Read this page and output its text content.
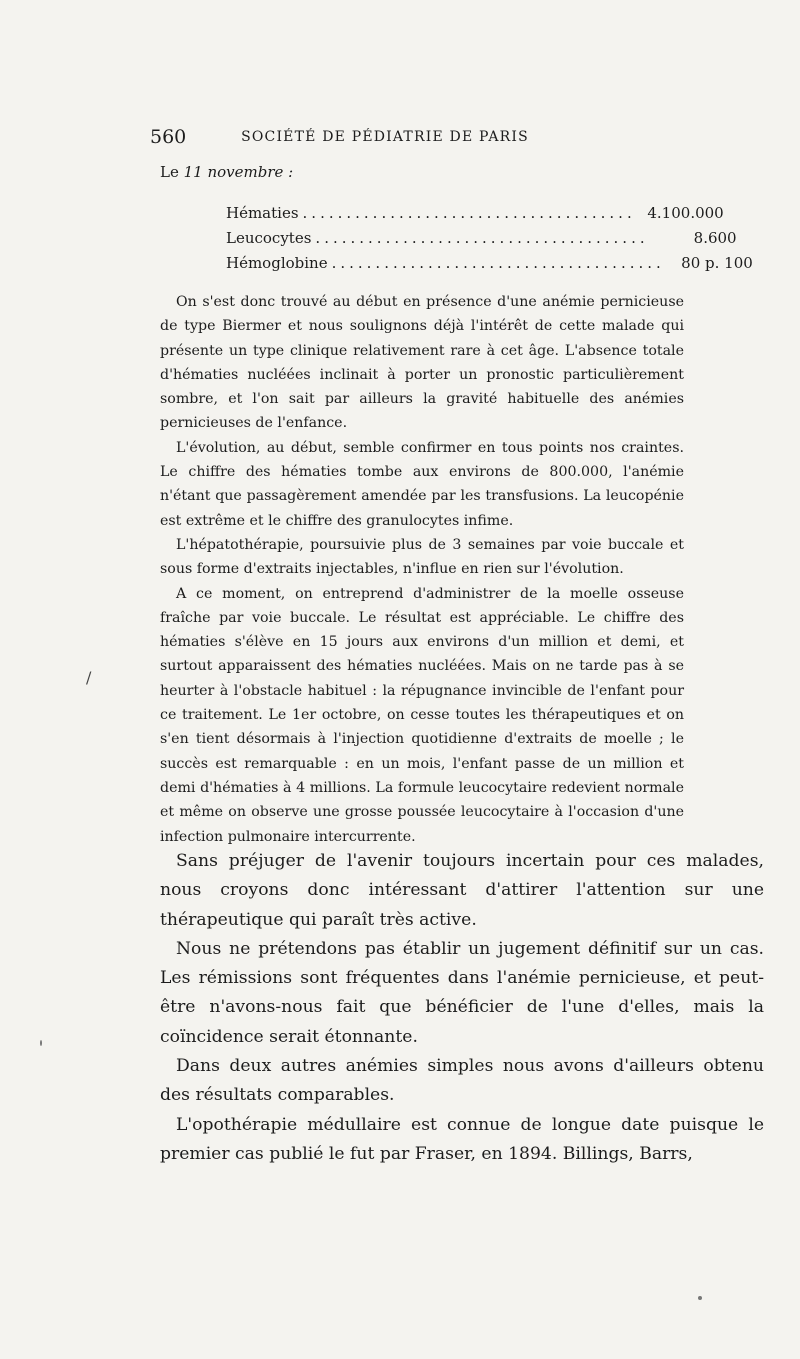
560	SOCIÉTÉ DE PÉDIATRIE DE PARIS
Le 11 novembre :
Hématies ...................................... 4.100.000
Leucocytes ......................................	8.600
Hémoglobine ......................................	80 p. 100

On s'est donc trouvé au début en présence d'une anémie pernicieuse de type Biermer et nous soulignons déjà l'intérêt de cette malade qui présente un type clinique relativement rare à cet âge. L'absence totale d'hématies nucléées inclinait à porter un pronostic particulièrement sombre, et l'on sait par ailleurs la gravité habituelle des anémies pernicieuses de l'enfance.

L'évolution, au début, semble confirmer en tous points nos craintes. Le chiffre des hématies tombe aux environs de 800.000, l'anémie n'étant que passagèrement amendée par les transfusions. La leucopénie est extrême et le chiffre des granulocytes infime.

L'hépatothérapie, poursuivie plus de 3 semaines par voie buccale et sous forme d'extraits injectables, n'influe en rien sur l'évolution.

A ce moment, on entreprend d'administrer de la moelle osseuse fraîche par voie buccale. Le résultat est appréciable. Le chiffre des hématies s'élève en 15 jours aux environs d'un million et demi, et surtout apparaissent des hématies nucléées. Mais on ne tarde pas à se heurter à l'obstacle habituel : la répugnance invincible de l'enfant pour ce traitement. Le 1er octobre, on cesse toutes les thérapeutiques et on s'en tient désormais à l'injection quotidienne d'extraits de moelle ; le succès est remarquable : en un mois, l'enfant passe de un million et demi d'hématies à 4 millions. La formule leucocytaire redevient normale et même on observe une grosse poussée leucocytaire à l'occasion d'une infection pulmonaire intercurrente.

Sans préjuger de l'avenir toujours incertain pour ces malades, nous croyons donc intéressant d'attirer l'attention sur une thérapeutique qui paraît très active.

Nous ne prétendons pas établir un jugement définitif sur un cas. Les rémissions sont fréquentes dans l'anémie pernicieuse, et peut-être n'avons-nous fait que bénéficier de l'une d'elles, mais la coïncidence serait étonnante.

Dans deux autres anémies simples nous avons d'ailleurs obtenu des résultats comparables.

L'opothérapie médullaire est connue de longue date puisque le premier cas publié le fut par Fraser, en 1894. Billings, Barrs,

/
